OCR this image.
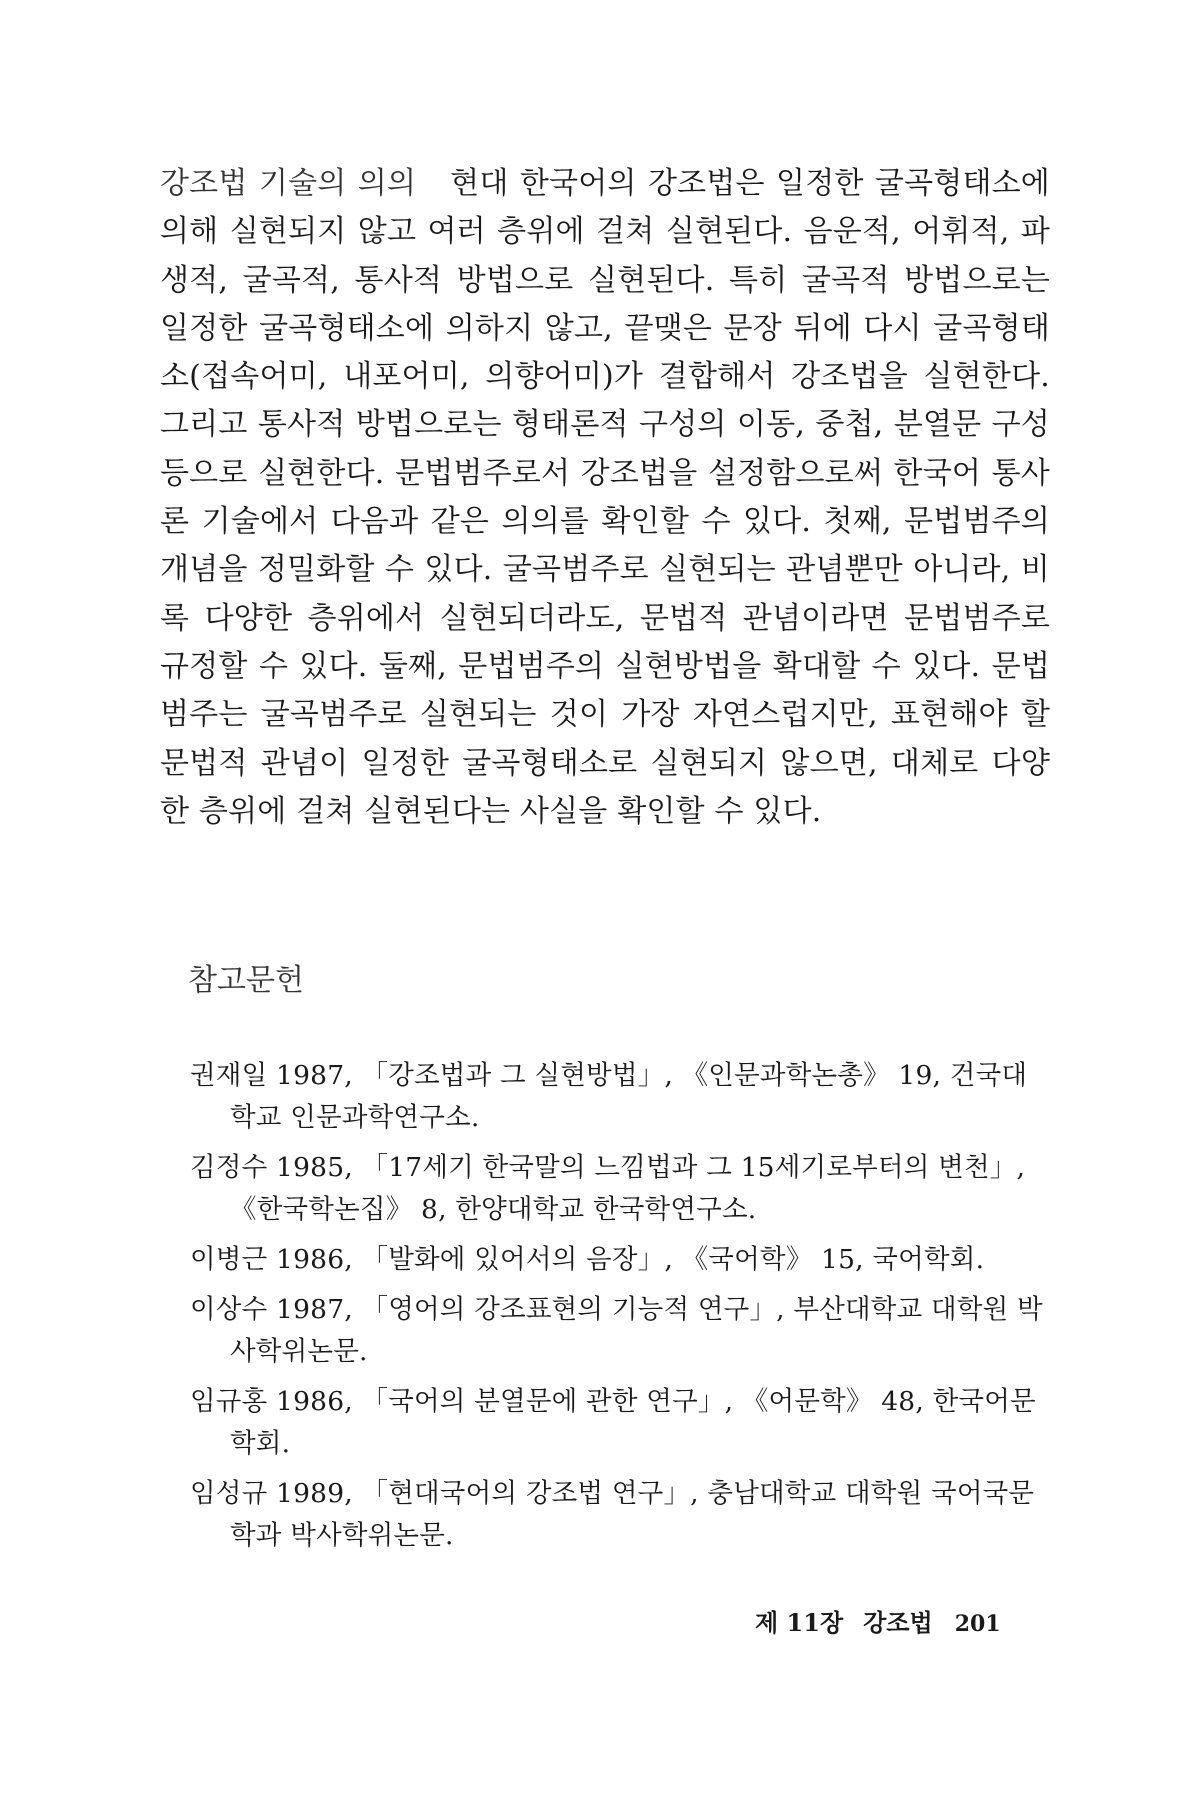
강조법 기술의 의의 현대 한국어의 강조법은 일정한 굴곡형태소에 의해 실현되지 않고 여러 층위에 걸쳐 실현된다. 음운적, 어휘적, 파생적, 굴곡적, 통사적 방법으로 실현된다. 특히 굴곡적 방법으로는 일정한 굴곡형태소에 의하지 않고, 끝맺은 문장 뒤에 다시 굴곡형태소(접속어미, 내포어미, 의향어미)가 결합해서 강조법을 실현한다. 그리고 통사적 방법으로는 형태론적 구성의 이동, 중첩, 분열문 구성 등으로 실현한다. 문법범주로서 강조법을 설정함으로써 한국어 통사론 기술에서 다음과 같은 의의를 확인할 수 있다. 첫째, 문법범주의 개념을 정밀화할 수 있다. 굴곡범주로 실현되는 관념뿐만 아니라, 비록 다양한 층위에서 실현되더라도, 문법적 관념이라면 문법범주로 규정할 수 있다. 둘째, 문법범주의 실현방법을 확대할 수 있다. 문법범주는 굴곡범주로 실현되는 것이 가장 자연스럽지만, 표현해야 할 문법적 관념이 일정한 굴곡형태소로 실현되지 않으면, 대체로 다양한 층위에 걸쳐 실현된다는 사실을 확인할 수 있다.
참고문헌
권재일 1987, 「강조법과 그 실현방법」, 《인문과학논총》 19, 건국대학교 인문과학연구소.
김정수 1985, 「17세기 한국말의 느낌법과 그 15세기로부터의 변천」, 《한국학논집》 8, 한양대학교 한국학연구소.
이병근 1986, 「발화에 있어서의 음장」, 《국어학》 15, 국어학회.
이상수 1987, 「영어의 강조표현의 기능적 연구」, 부산대학교 대학원 박사학위논문.
임규홍 1986, 「국어의 분열문에 관한 연구」, 《어문학》 48, 한국어문학회.
임성규 1989, 「현대국어의 강조법 연구」, 충남대학교 대학원 국어국문학과 박사학위논문.
제 11장 강조법 201
